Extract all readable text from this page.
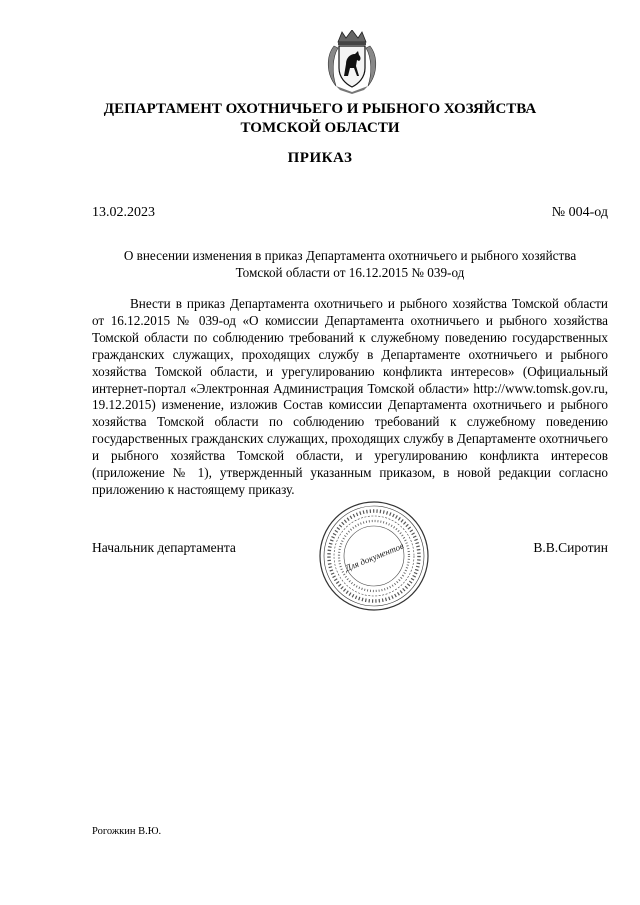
ДЕПАРТАМЕНТ ОХОТНИЧЬЕГО И РЫБНОГО ХОЗЯЙСТВА
ТОМСКОЙ ОБЛАСТИ
ПРИКАЗ
13.02.2023	№ 004-од
О внесении изменения в приказ Департамента охотничьего и рыбного хозяйства
Томской области от 16.12.2015 № 039-од

Внести в приказ Департамента охотничьего и рыбного хозяйства Томской области от 16.12.2015 № 039-од «О комиссии Департамента охотничьего и рыбного хозяйства Томской области по соблюдению требований к служебному поведению государственных гражданских служащих, проходящих службу в Департаменте охотничьего и рыбного хозяйства Томской области, и урегулированию конфликта интересов» (Официальный интернет-портал «Электронная Администрация Томской области» http://www.tomsk.gov.ru, 19.12.2015) изменение, изложив Состав комиссии Департамента охотничьего и рыбного хозяйства Томской области по соблюдению требований к служебному поведению государственных гражданских служащих, проходящих службу в Департаменте охотничьего и рыбного хозяйства Томской области, и урегулированию конфликта интересов (приложение № 1), утвержденный указанным приказом, в новой редакции согласно приложению к настоящему приказу.

Начальник департамента	В.В.Сиротин
Для документов
Рогожкин В.Ю.
